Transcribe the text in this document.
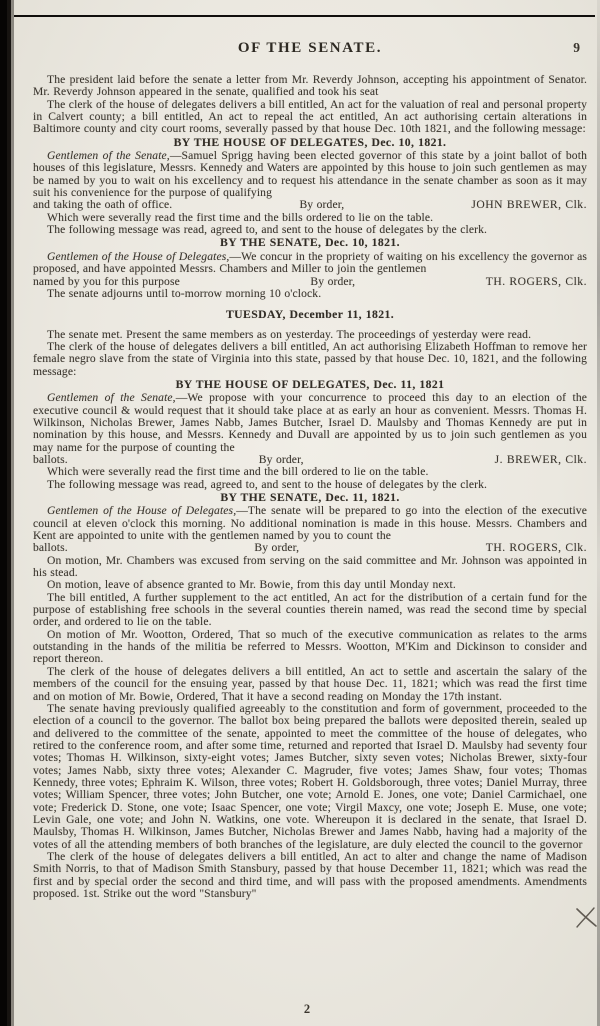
OF THE SENATE.	9

The president laid before the senate a letter from Mr. Reverdy Johnson, accepting his appointment of Senator. Mr. Reverdy Johnson appeared in the senate, qualified and took his seat

The clerk of the house of delegates delivers a bill entitled, An act for the valuation of real and personal property in Calvert county; a bill entitled, An act to repeal the act entitled, An act authorising certain alterations in Baltimore county and city court rooms, severally passed by that house Dec. 10th 1821, and the following message:

BY THE HOUSE OF DELEGATES, Dec. 10, 1821.

Gentlemen of the Senate,—Samuel Sprigg having been elected governor of this state by a joint ballot of both houses of this legislature, Messrs. Kennedy and Waters are appointed by this house to join such gentlemen as may be named by you to wait on his excellency and to request his attendance in the senate chamber as soon as it may suit his convenience for the purpose of qualifying

and taking the oath of office.	By order,	JOHN BREWER, Clk.

Which were severally read the first time and the bills ordered to lie on the table.

The following message was read, agreed to, and sent to the house of delegates by the clerk.

BY THE SENATE, Dec. 10, 1821.

Gentlemen of the House of Delegates,—We concur in the propriety of waiting on his excellency the governor as proposed, and have appointed Messrs. Chambers and Miller to join the gentlemen

named by you for this purpose	By order,	TH. ROGERS, Clk.

The senate adjourns until to-morrow morning 10 o'clock.

TUESDAY, December 11, 1821.

The senate met. Present the same members as on yesterday. The proceedings of yesterday were read.

The clerk of the house of delegates delivers a bill entitled, An act authorising Elizabeth Hoffman to remove her female negro slave from the state of Virginia into this state, passed by that house Dec. 10, 1821, and the following message:

BY THE HOUSE OF DELEGATES, Dec. 11, 1821

Gentlemen of the Senate,—We propose with your concurrence to proceed this day to an election of the executive council & would request that it should take place at as early an hour as convenient. Messrs. Thomas H. Wilkinson, Nicholas Brewer, James Nabb, James Butcher, Israel D. Maulsby and Thomas Kennedy are put in nomination by this house, and Messrs. Kennedy and Duvall are appointed by us to join such gentlemen as you may name for the purpose of counting the

ballots.	By order,	J. BREWER, Clk.

Which were severally read the first time and the bill ordered to lie on the table.

The following message was read, agreed to, and sent to the house of delegates by the clerk.

BY THE SENATE, Dec. 11, 1821.

Gentlemen of the House of Delegates,—The senate will be prepared to go into the election of the executive council at eleven o'clock this morning. No additional nomination is made in this house. Messrs. Chambers and Kent are appointed to unite with the gentlemen named by you to count the

ballots.	By order,	TH. ROGERS, Clk.

On motion, Mr. Chambers was excused from serving on the said committee and Mr. Johnson was appointed in his stead.

On motion, leave of absence granted to Mr. Bowie, from this day until Monday next.

The bill entitled, A further supplement to the act entitled, An act for the distribution of a certain fund for the purpose of establishing free schools in the several counties therein named, was read the second time by special order, and ordered to lie on the table.

On motion of Mr. Wootton, Ordered, That so much of the executive communication as relates to the arms outstanding in the hands of the militia be referred to Messrs. Wootton, M'Kim and Dickinson to consider and report thereon.

The clerk of the house of delegates delivers a bill entitled, An act to settle and ascertain the salary of the members of the council for the ensuing year, passed by that house Dec. 11, 1821; which was read the first time and on motion of Mr. Bowie, Ordered, That it have a second reading on Monday the 17th instant.

The senate having previously qualified agreeably to the constitution and form of government, proceeded to the election of a council to the governor. The ballot box being prepared the ballots were deposited therein, sealed up and delivered to the committee of the senate, appointed to meet the committee of the house of delegates, who retired to the conference room, and after some time, returned and reported that Israel D. Maulsby had seventy four votes; Thomas H. Wilkinson, sixty-eight votes; James Butcher, sixty seven votes; Nicholas Brewer, sixty-four votes; James Nabb, sixty three votes; Alexander C. Magruder, five votes; James Shaw, four votes; Thomas Kennedy, three votes; Ephraim K. Wilson, three votes; Robert H. Goldsborough, three votes; Daniel Murray, three votes; William Spencer, three votes; John Butcher, one vote; Arnold E. Jones, one vote; Daniel Carmichael, one vote; Frederick D. Stone, one vote; Isaac Spencer, one vote; Virgil Maxcy, one vote; Joseph E. Muse, one vote; Levin Gale, one vote; and John N. Watkins, one vote. Whereupon it is declared in the senate, that Israel D. Maulsby, Thomas H. Wilkinson, James Butcher, Nicholas Brewer and James Nabb, having had a majority of the votes of all the attending members of both branches of the legislature, are duly elected the council to the governor

The clerk of the house of delegates delivers a bill entitled, An act to alter and change the name of Madison Smith Norris, to that of Madison Smith Stansbury, passed by that house December 11, 1821; which was read the first and by special order the second and third time, and will pass with the proposed amendments. Amendments proposed. 1st. Strike out the word "Stansbury"

2
